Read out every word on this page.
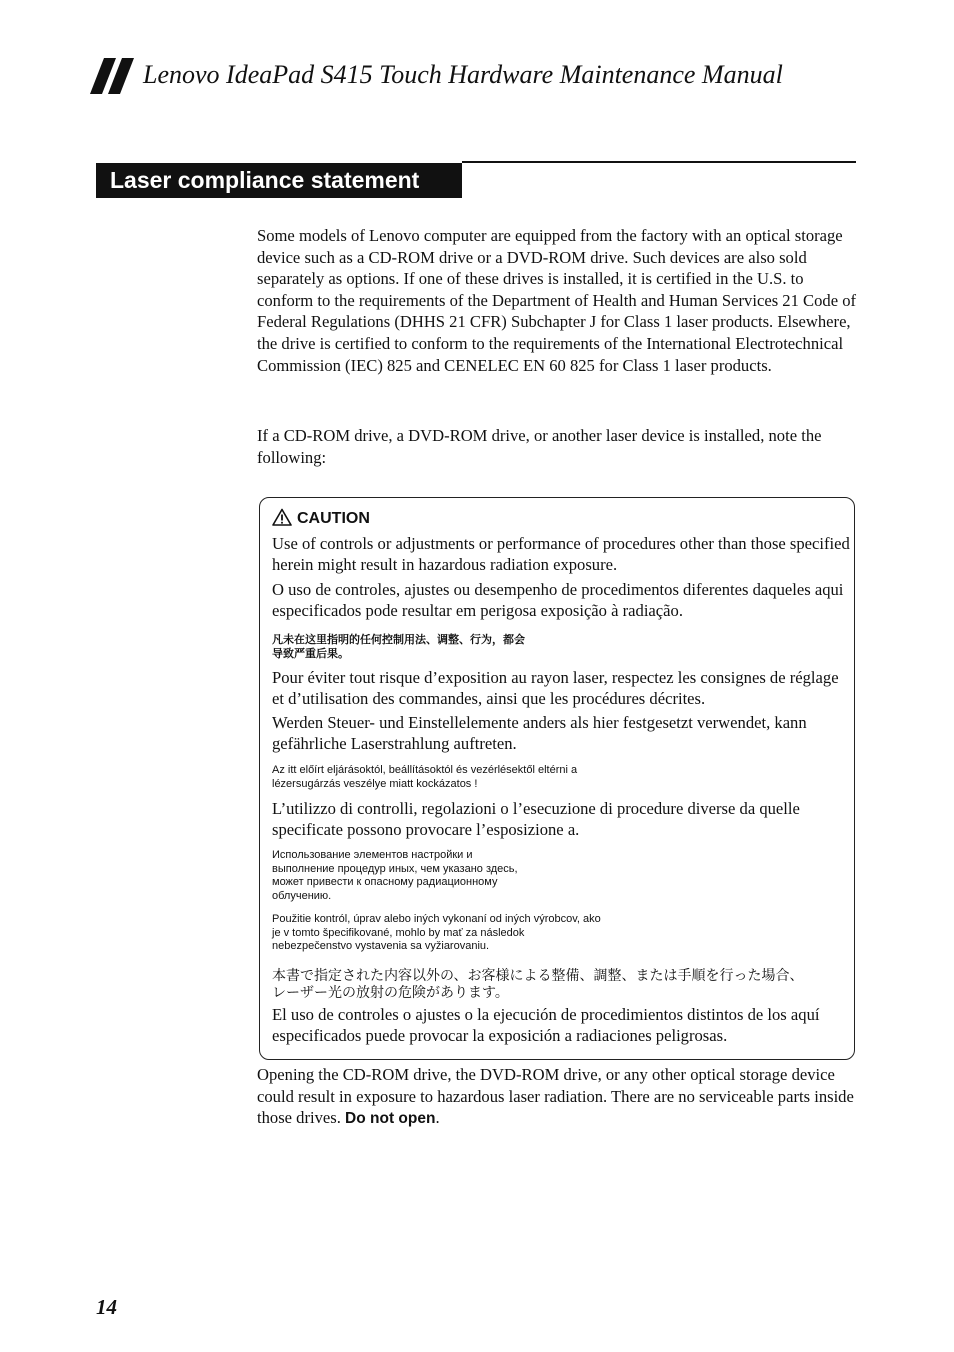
Lenovo IdeaPad S415 Touch Hardware Maintenance Manual
Laser compliance statement

Some models of Lenovo computer are equipped from the factory with an optical storage device such as a CD-ROM drive or a DVD-ROM drive. Such devices are also sold separately as options. If one of these drives is installed, it is certified in the U.S. to conform to the requirements of the Department of Health and Human Services 21 Code of Federal Regulations (DHHS 21 CFR) Subchapter J for Class 1 laser products. Elsewhere, the drive is certified to conform to the requirements of the International Electrotechnical Commission (IEC) 825 and CENELEC EN 60 825 for Class 1 laser products.

If a CD-ROM drive, a DVD-ROM drive, or another laser device is installed, note the following:

CAUTION

Use of controls or adjustments or performance of procedures other than those specified herein might result in hazardous radiation exposure.

O uso de controles, ajustes ou desempenho de procedimentos diferentes daqueles aqui especificados pode resultar em perigosa exposição à radiação.

凡未在这里指明的任何控制用法、调整、行为，都会导致严重后果。

Pour éviter tout risque d’exposition au rayon laser, respectez les consignes de réglage et d’utilisation des commandes, ainsi que les procédures décrites.

Werden Steuer- und Einstellelemente anders als hier festgesetzt verwendet, kann gefährliche Laserstrahlung auftreten.

Az itt előírt eljárásoktól, beállításoktól és vezérlésektől eltérni a lézersugárzás veszélye miatt kockázatos !

L’utilizzo di controlli, regolazioni o l’esecuzione di procedure diverse da quelle specificate possono provocare l’esposizione a.

Использование элементов настройки и выполнение процедур иных, чем указано здесь, может привести к опасному радиационному облучению.

Použitie kontról, úprav alebo iných vykonaní od iných výrobcov, ako je v tomto špecifikované, mohlo by mať za následok nebezpečenstvo vystavenia sa vyžiarovaniu.

本書で指定された内容以外の、お客様による整備、調整、または手順を行った場合、レーザー光の放射の危険があります。

El uso de controles o ajustes o la ejecución de procedimientos distintos de los aquí especificados puede provocar la exposición a radiaciones peligrosas.

Opening the CD-ROM drive, the DVD-ROM drive, or any other optical storage device could result in exposure to hazardous laser radiation. There are no serviceable parts inside those drives. Do not open.

14
